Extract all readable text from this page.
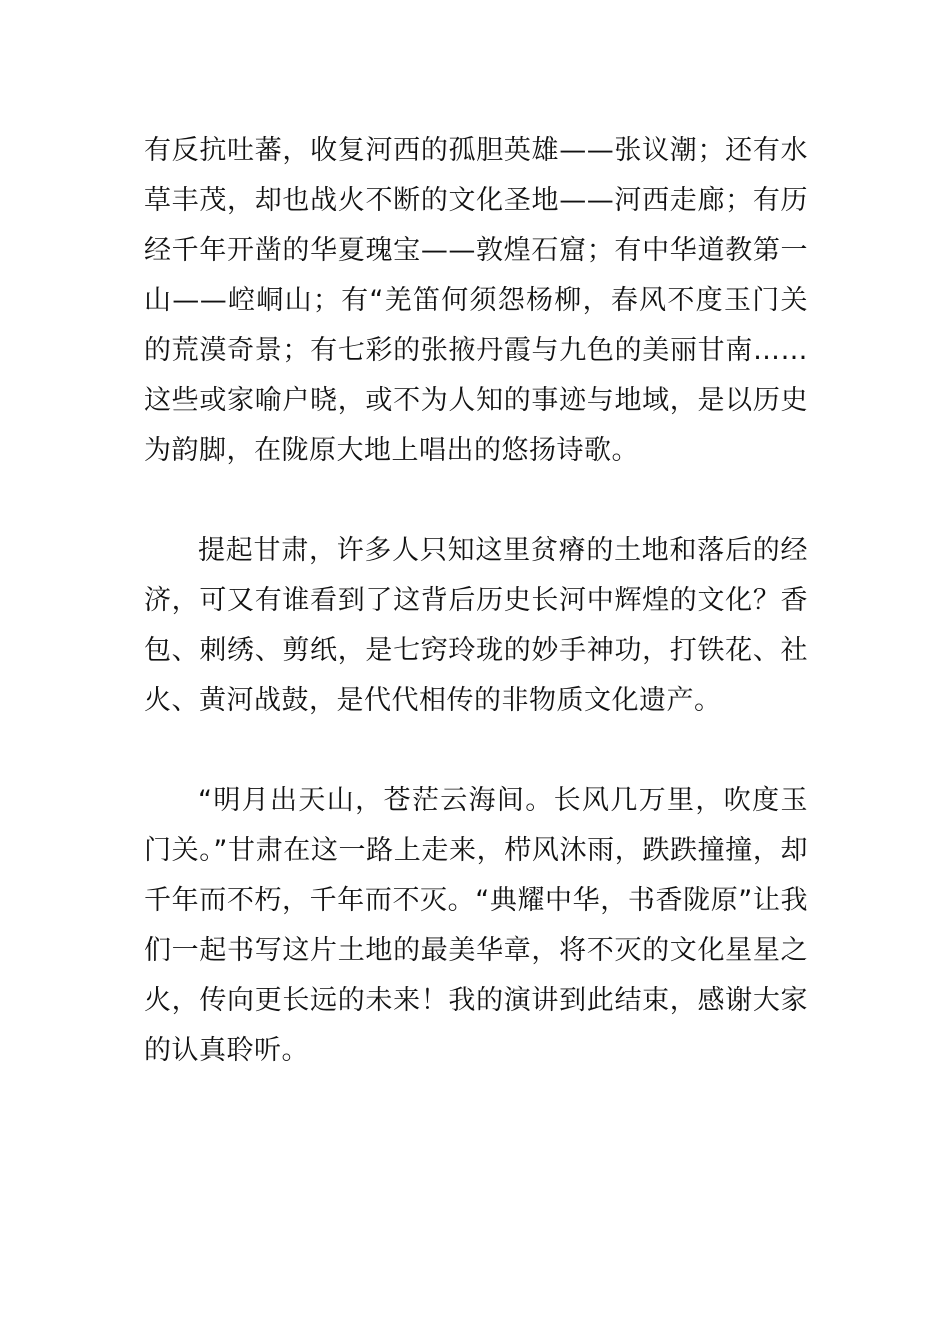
有反抗吐蕃，收复河西的孤胆英雄——张议潮；还有水草丰茂，却也战火不断的文化圣地——河西走廊；有历经千年开凿的华夏瑰宝——敦煌石窟；有中华道教第一山——崆峒山；有“羌笛何须怨杨柳，春风不度玉门关的荒漠奇景；有七彩的张掖丹霞与九色的美丽甘南……这些或家喻户晓，或不为人知的事迹与地域，是以历史为韵脚，在陇原大地上唱出的悠扬诗歌。

提起甘肃，许多人只知这里贫瘠的土地和落后的经济，可又有谁看到了这背后历史长河中辉煌的文化？香包、刺绣、剪纸，是七窍玲珑的妙手神功，打铁花、社火、黄河战鼓，是代代相传的非物质文化遗产。

“明月出天山，苍茫云海间。长风几万里，吹度玉门关。”甘肃在这一路上走来，栉风沐雨，跌跌撞撞，却千年而不朽，千年而不灭。“典耀中华，书香陇原”让我们一起书写这片土地的最美华章，将不灭的文化星星之火，传向更长远的未来！我的演讲到此结束，感谢大家的认真聆听。
